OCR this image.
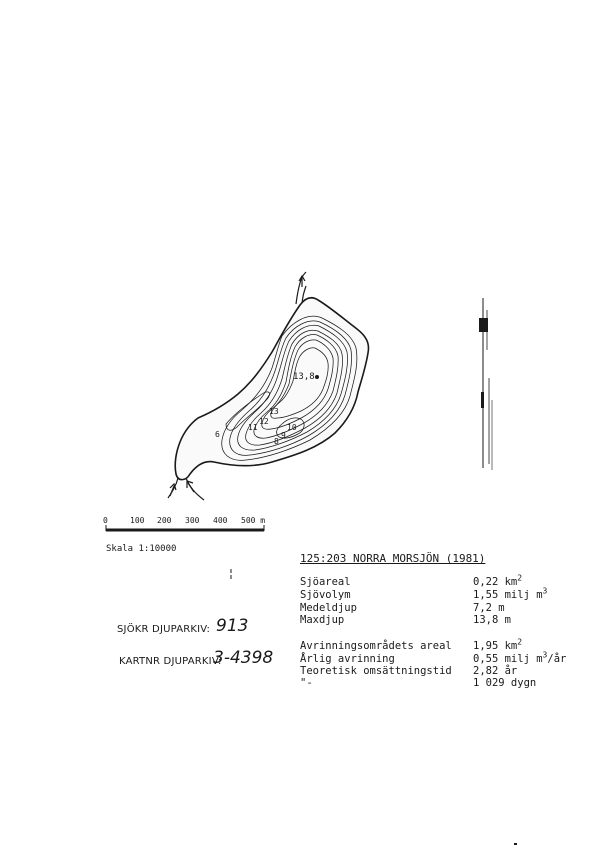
13,8
13
12
11	10
9
8
6
0	100 200 300 400 500 m
Skala 1:10000
SJÖKR DJUPARKIV: 913
KARTNR DJUPARKIV:
3-4398
125:203 NORRA MORSJÖN (1981)
Sjöareal	0,22 $km^2$
Sjövolym	1,55 milj $m^3$
Medeldjup	7,2 m
Maxdjup	13,8 m
Avrinningsområdets areal 1,95 $km^2$
Årlig avrinning	0,55 milj $m^3/år$
Teoretisk omsättningstid 2,82 år
"-	1 029 dygn
